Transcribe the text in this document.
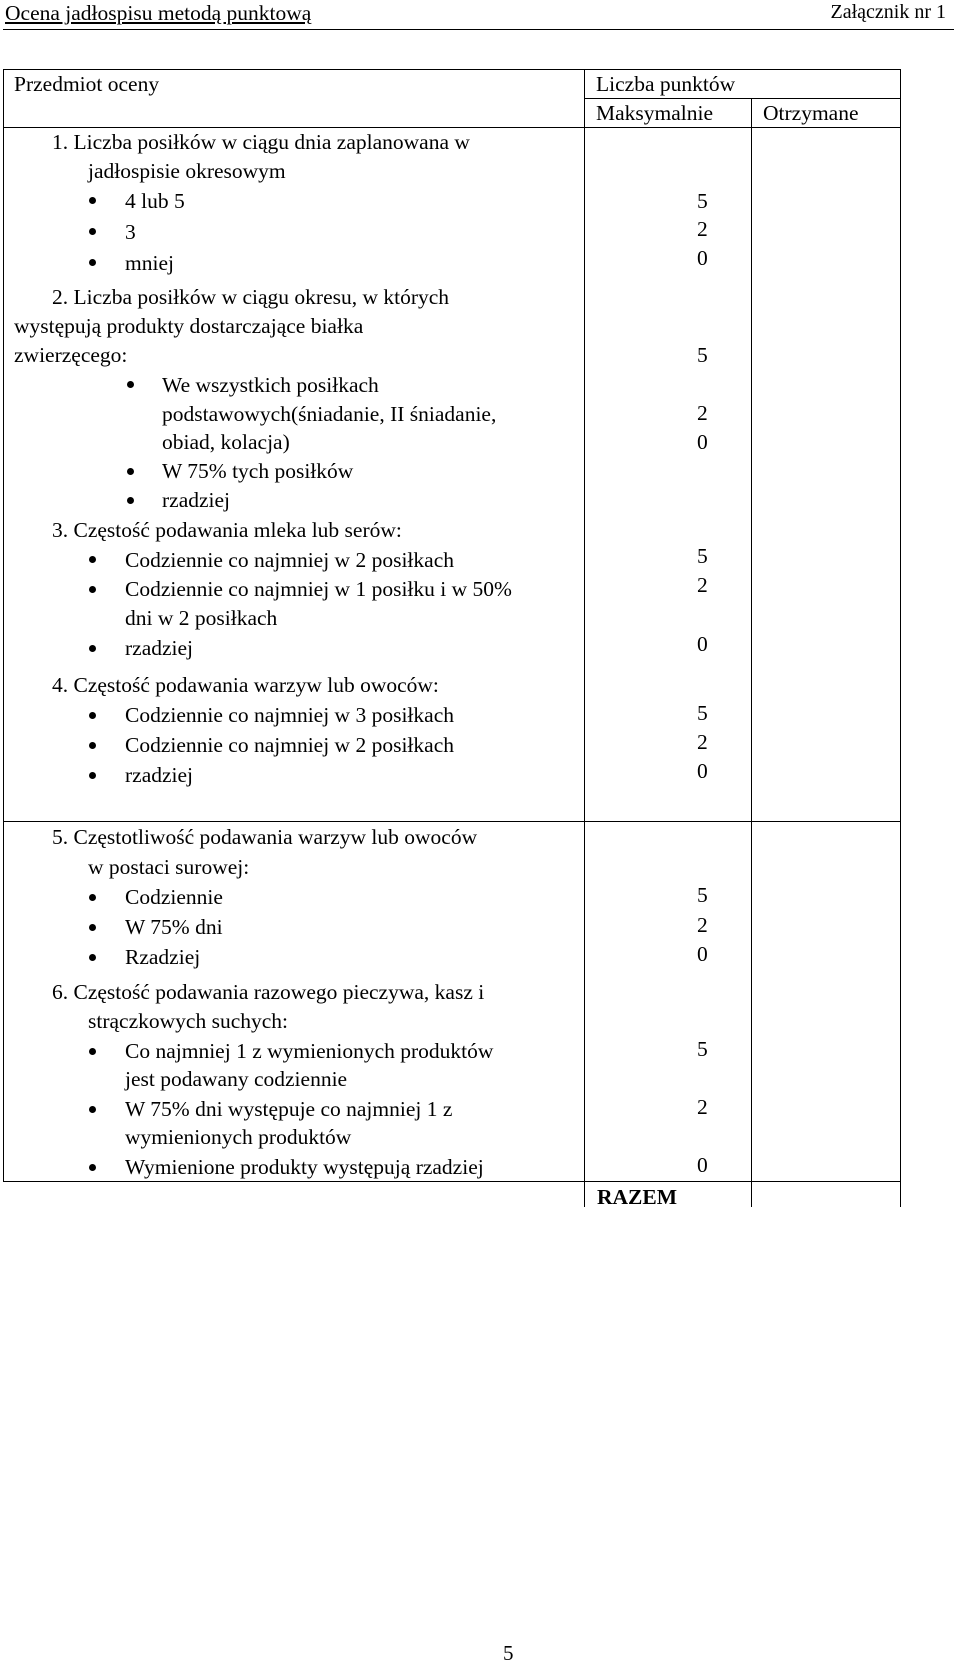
Ocena jadłospisu metodą punktową	Załącznik nr 1
Przedmiot oceny	Liczba punktów
Maksymalnie Otrzymane
1. Liczba posiłków w ciągu dnia zaplanowana w
jadłospisie okresowym
4 lub 5
3
mniej
5
2
0
2. Liczba posiłków w ciągu okresu, w których
występują produkty dostarczające białka
zwierzęcego:
We wszystkich posiłkach
podstawowych(śniadanie, II śniadanie,
obiad, kolacja)
W 75% tych posiłków
rzadziej
5
2
0
3. Częstość podawania mleka lub serów:
Codziennie co najmniej w 2 posiłkach
Codziennie co najmniej w 1 posiłku i w 50%
dni w 2 posiłkach
rzadziej
5
2
0
4. Częstość podawania warzyw lub owoców:
Codziennie co najmniej w 3 posiłkach
Codziennie co najmniej w 2 posiłkach
rzadziej
5
2
0
5. Częstotliwość podawania warzyw lub owoców
w postaci surowej:
Codziennie
W 75% dni
Rzadziej
5
2
0
6. Częstość podawania razowego pieczywa, kasz i
strączkowych suchych:
Co najmniej 1 z wymienionych produktów
jest podawany codziennie
W 75% dni występuje co najmniej 1 z
wymienionych produktów
Wymienione produkty występują rzadziej
5
2
0
RAZEM
5
